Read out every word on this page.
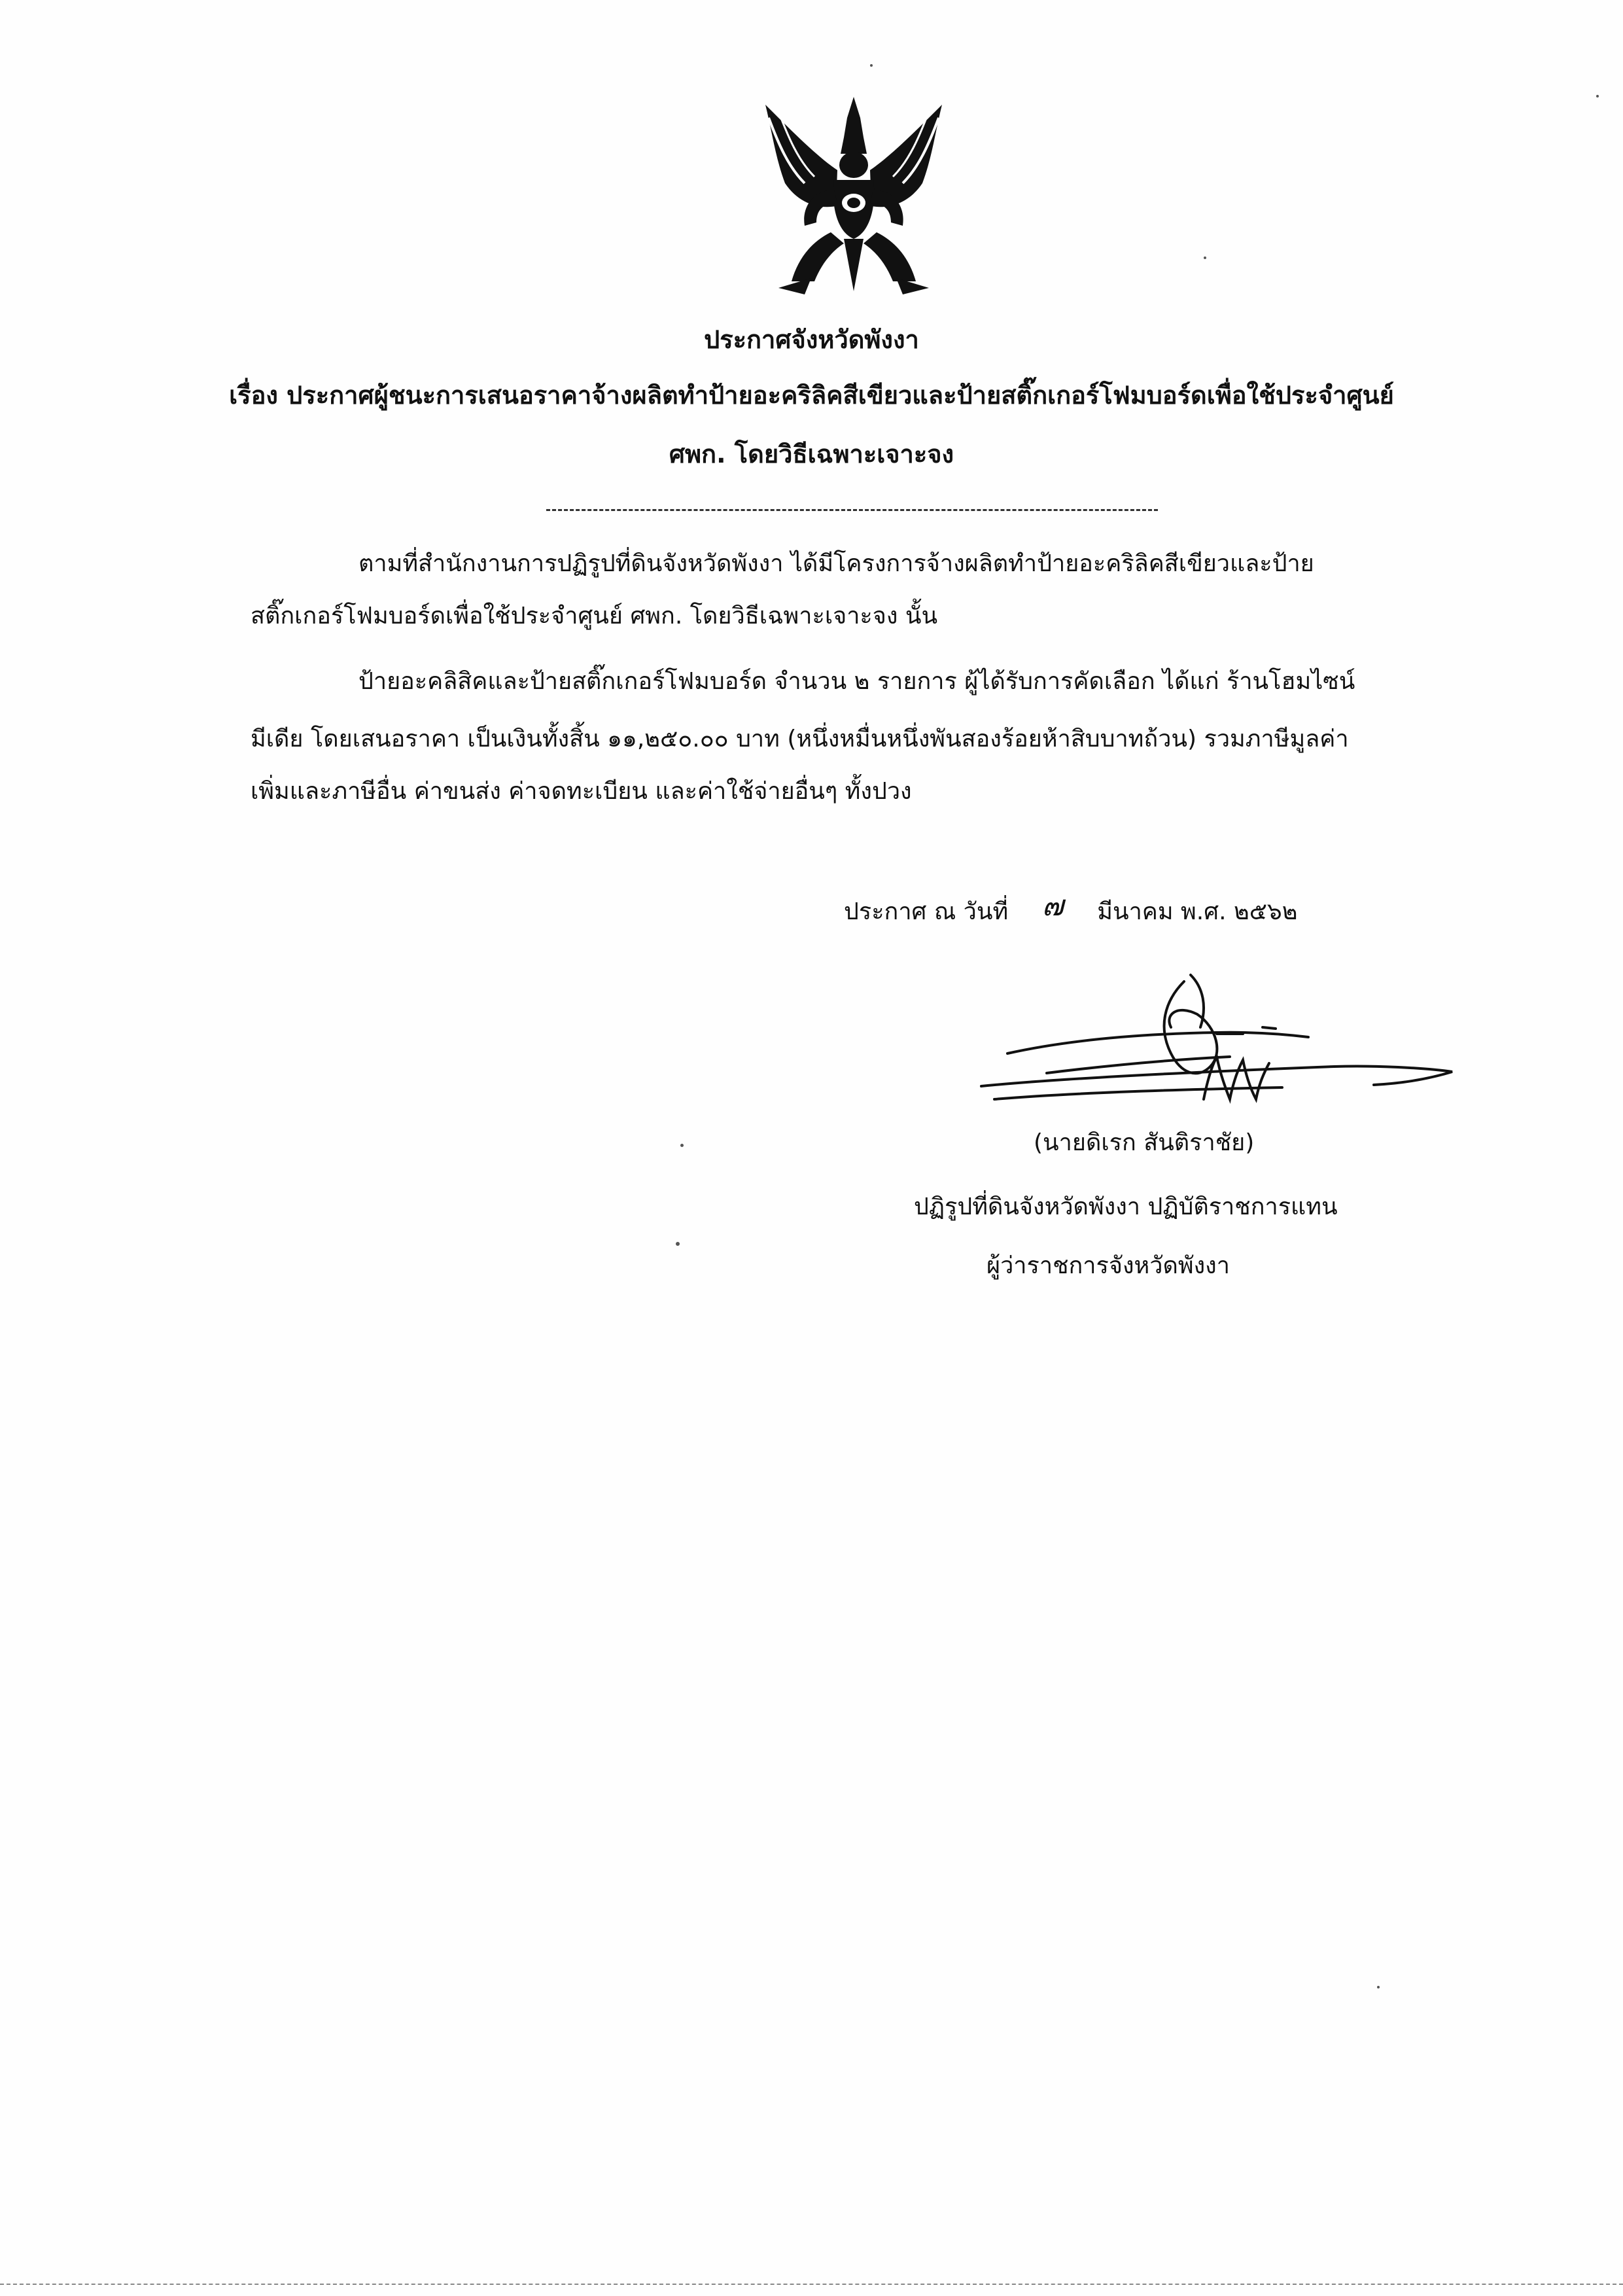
ประกาศจังหวัดพังงา
เรื่อง ประกาศผู้ชนะการเสนอราคาจ้างผลิตทำป้ายอะคริลิคสีเขียวและป้ายสติ๊กเกอร์โฟมบอร์ดเพื่อใช้ประจำศูนย์
ศพก. โดยวิธีเฉพาะเจาะจง
ตามที่สำนักงานการปฏิรูปที่ดินจังหวัดพังงา ได้มีโครงการจ้างผลิตทำป้ายอะคริลิคสีเขียวและป้าย
สติ๊กเกอร์โฟมบอร์ดเพื่อใช้ประจำศูนย์ ศพก. โดยวิธีเฉพาะเจาะจง นั้น
ป้ายอะคลิสิคและป้ายสติ๊กเกอร์โฟมบอร์ด จำนวน ๒ รายการ ผู้ได้รับการคัดเลือก ได้แก่ ร้านโฮมไซน์
มีเดีย โดยเสนอราคา เป็นเงินทั้งสิ้น ๑๑,๒๕๐.๐๐ บาท (หนึ่งหมื่นหนึ่งพันสองร้อยห้าสิบบาทถ้วน) รวมภาษีมูลค่า
เพิ่มและภาษีอื่น ค่าขนส่ง ค่าจดทะเบียน และค่าใช้จ่ายอื่นๆ ทั้งปวง
ประกาศ ณ วันที่ ๗ มีนาคม พ.ศ. ๒๕๖๒
(นายดิเรก สันติราชัย)
ปฏิรูปที่ดินจังหวัดพังงา ปฏิบัติราชการแทน
ผู้ว่าราชการจังหวัดพังงา
